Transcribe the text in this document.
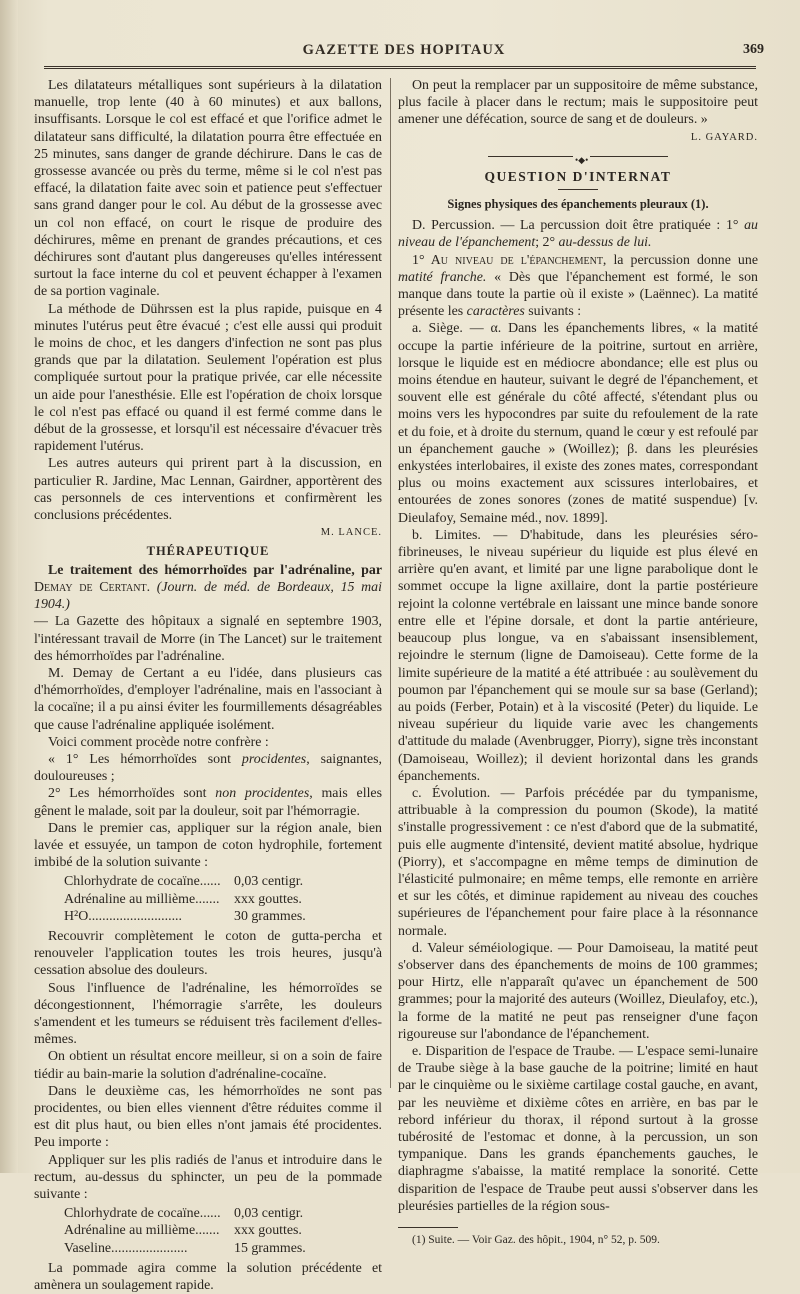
GAZETTE DES HOPITAUX	369

Les dilatateurs métalliques sont supérieurs à la dilatation manuelle, trop lente (40 à 60 minutes) et aux ballons, insuffisants. Lorsque le col est effacé et que l'orifice admet le dilatateur sans difficulté, la dilatation pourra être effectuée en 25 minutes, sans danger de grande déchirure. Dans le cas de grossesse avancée ou près du terme, même si le col n'est pas effacé, la dilatation faite avec soin et patience peut s'effectuer sans grand danger pour le col. Au début de la grossesse avec un col non effacé, on court le risque de produire des déchirures, même en prenant de grandes précautions, et ces déchirures sont d'autant plus dangereuses qu'elles intéressent surtout la face interne du col et peuvent échapper à l'examen de sa portion vaginale.

La méthode de Dührssen est la plus rapide, puisque en 4 minutes l'utérus peut être évacué ; c'est elle aussi qui produit le moins de choc, et les dangers d'infection ne sont pas plus grands que par la dilatation. Seulement l'opération est plus compliquée surtout pour la pratique privée, car elle nécessite un aide pour l'anesthésie. Elle est l'opération de choix lorsque le col n'est pas effacé ou quand il est fermé comme dans le début de la grossesse, et lorsqu'il est nécessaire d'évacuer très rapidement l'utérus.

Les autres auteurs qui prirent part à la discussion, en particulier R. Jardine, Mac Lennan, Gairdner, apportèrent des cas personnels de ces interventions et confirmèrent les conclusions précédentes.

M. LANCE.
THÉRAPEUTIQUE

Le traitement des hémorrhoïdes par l'adrénaline, par Demay de Certant. (Journ. de méd. de Bordeaux, 15 mai 1904.)

— La Gazette des hôpitaux a signalé en septembre 1903, l'intéressant travail de Morre (in The Lancet) sur le traitement des hémorrhoïdes par l'adrénaline.

M. Demay de Certant a eu l'idée, dans plusieurs cas d'hémorrhoïdes, d'employer l'adrénaline, mais en l'associant à la cocaïne; il a pu ainsi éviter les fourmillements désagréables que cause l'adrénaline appliquée isolément.

Voici comment procède notre confrère :

« 1° Les hémorrhoïdes sont procidentes, saignantes, douloureuses ;

2° Les hémorrhoïdes sont non procidentes, mais elles gênent le malade, soit par la douleur, soit par l'hémorragie.

Dans le premier cas, appliquer sur la région anale, bien lavée et essuyée, un tampon de coton hydrophile, fortement imbibé de la solution suivante :

Chlorhydrate de cocaïne...... 0,03 centigr.
Adrénaline au millième.......	xxx gouttes.
H²O...........................	30 grammes.

Recouvrir complètement le coton de gutta-percha et renouveler l'application toutes les trois heures, jusqu'à cessation absolue des douleurs.

Sous l'influence de l'adrénaline, les hémorroïdes se décongestionnent, l'hémorragie s'arrête, les douleurs s'amendent et les tumeurs se réduisent très facilement d'elles-mêmes.

On obtient un résultat encore meilleur, si on a soin de faire tiédir au bain-marie la solution d'adrénaline-cocaïne.

Dans le deuxième cas, les hémorrhoïdes ne sont pas procidentes, ou bien elles viennent d'être réduites comme il est dit plus haut, ou bien elles n'ont jamais été procidentes. Peu importe :

Appliquer sur les plis radiés de l'anus et introduire dans le rectum, au-dessus du sphincter, un peu de la pommade suivante :

Chlorhydrate de cocaïne...... 0,03 centigr.
Adrénaline au millième.......	xxx gouttes.
Vaseline......................	15 grammes.

La pommade agira comme la solution précédente et amènera un soulagement rapide.

On peut la remplacer par un suppositoire de même substance, plus facile à placer dans le rectum; mais le suppositoire peut amener une défécation, source de sang et de douleurs. »

L. GAYARD.
•◆•
QUESTION D'INTERNAT
Signes physiques des épanchements pleuraux (1).

D. Percussion. — La percussion doit être pratiquée : 1° au niveau de l'épanchement; 2° au-dessus de lui.

1° Au niveau de l'épanchement, la percussion donne une matité franche. « Dès que l'épanchement est formé, le son manque dans toute la partie où il existe » (Laënnec). La matité présente les caractères suivants :

a. Siège. — α. Dans les épanchements libres, « la matité occupe la partie inférieure de la poitrine, surtout en arrière, lorsque le liquide est en médiocre abondance; elle est plus ou moins étendue en hauteur, suivant le degré de l'épanchement, et souvent elle est générale du côté affecté, s'étendant plus ou moins vers les hypocondres par suite du refoulement de la rate et du foie, et à droite du sternum, quand le cœur y est refoulé par un épanchement gauche » (Woillez); β. dans les pleurésies enkystées interlobaires, il existe des zones mates, correspondant plus ou moins exactement aux scissures interlobaires, et entourées de zones sonores (zones de matité suspendue) [v. Dieulafoy, Semaine méd., nov. 1899].

b. Limites. — D'habitude, dans les pleurésies séro-fibrineuses, le niveau supérieur du liquide est plus élevé en arrière qu'en avant, et limité par une ligne parabolique dont le sommet occupe la ligne axillaire, dont la partie postérieure rejoint la colonne vertébrale en laissant une mince bande sonore entre elle et l'épine dorsale, et dont la partie antérieure, beaucoup plus longue, va en s'abaissant insensiblement, rejoindre le sternum (ligne de Damoiseau). Cette forme de la limite supérieure de la matité a été attribuée : au soulèvement du poumon par l'épanchement qui se moule sur sa base (Gerland); au poids (Ferber, Potain) et à la viscosité (Peter) du liquide. Le niveau supérieur du liquide varie avec les changements d'attitude du malade (Avenbrugger, Piorry), signe très inconstant (Damoiseau, Woillez); il devient horizontal dans les grands épanchements.

c. Évolution. — Parfois précédée par du tympanisme, attribuable à la compression du poumon (Skode), la matité s'installe progressivement : ce n'est d'abord que de la submatité, puis elle augmente d'intensité, devient matité absolue, hydrique (Piorry), et s'accompagne en même temps de diminution de l'élasticité pulmonaire; en même temps, elle remonte en arrière et sur les côtés, et diminue rapidement au niveau des couches supérieures de l'épanchement pour faire place à la résonnance normale.

d. Valeur séméiologique. — Pour Damoiseau, la matité peut s'observer dans des épanchements de moins de 100 grammes; pour Hirtz, elle n'apparaît qu'avec un épanchement de 500 grammes; pour la majorité des auteurs (Woillez, Dieulafoy, etc.), la forme de la matité ne peut pas renseigner d'une façon rigoureuse sur l'abondance de l'épanchement.

e. Disparition de l'espace de Traube. — L'espace semi-lunaire de Traube siège à la base gauche de la poitrine; limité en haut par le cinquième ou le sixième cartilage costal gauche, en avant, par les neuvième et dixième côtes en arrière, en bas par le rebord inférieur du thorax, il répond surtout à la grosse tubérosité de l'estomac et donne, à la percussion, un son tympanique. Dans les grands épanchements gauches, le diaphragme s'abaisse, la matité remplace la sonorité. Cette disparition de l'espace de Traube peut aussi s'observer dans les pleurésies partielles de la région sous-

(1) Suite. — Voir Gaz. des hôpit., 1904, n° 52, p. 509.
